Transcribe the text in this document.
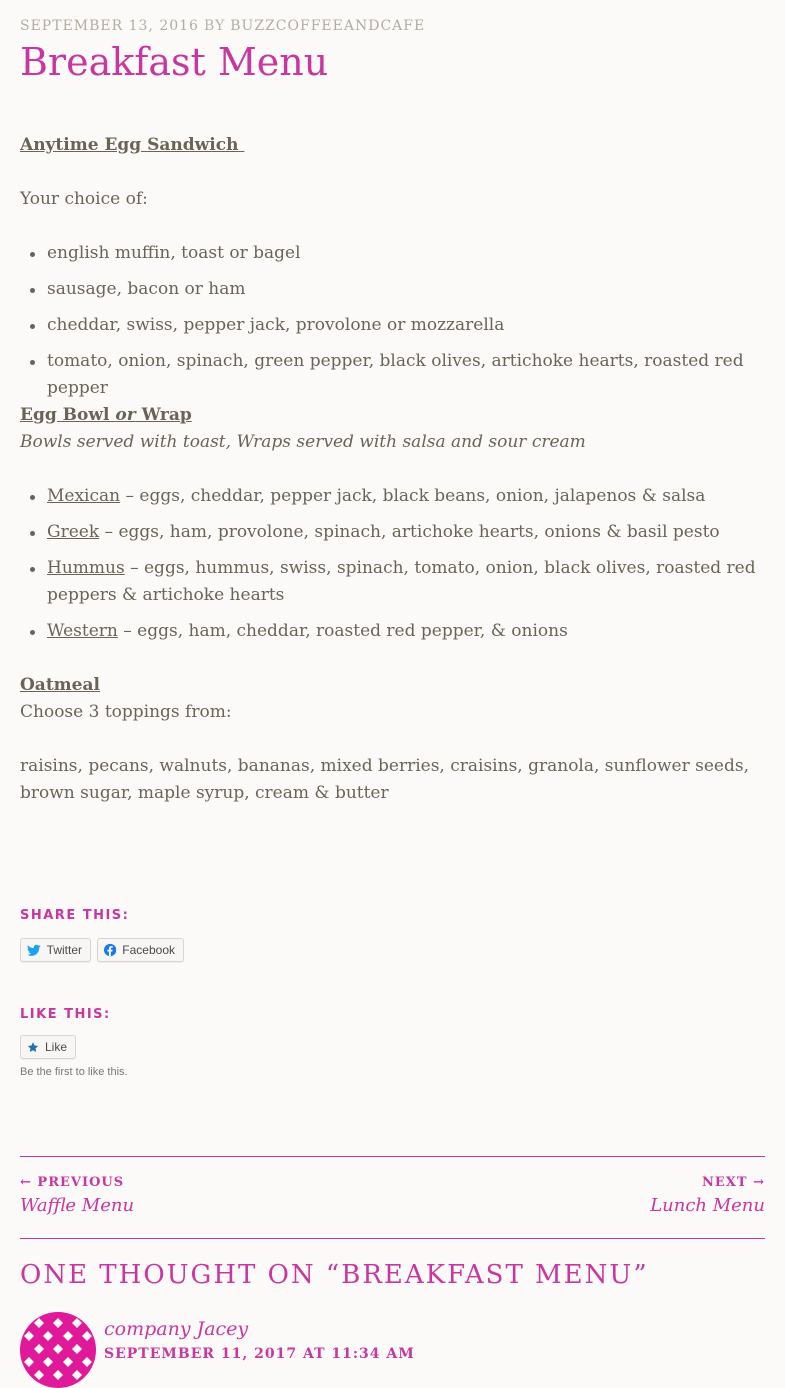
SEPTEMBER 13, 2016 BY BUZZCOFFEEANDCAFE
Breakfast Menu

Anytime Egg Sandwich

Your choice of:

english muffin, toast or bagel
sausage, bacon or ham
cheddar, swiss, pepper jack, provolone or mozzarella
tomato, onion, spinach, green pepper, black olives, artichoke hearts, roasted red pepper

Egg Bowl or Wrap

Bowls served with toast, Wraps served with salsa and sour cream

Mexican – eggs, cheddar, pepper jack, black beans, onion, jalapenos & salsa
Greek – eggs, ham, provolone, spinach, artichoke hearts, onions & basil pesto
Hummus – eggs, hummus, swiss, spinach, tomato, onion, black olives, roasted red peppers & artichoke hearts
Western – eggs, ham, cheddar, roasted red pepper, & onions

Oatmeal

Choose 3 toppings from:

raisins, pecans, walnuts, bananas, mixed berries, craisins, granola, sunflower seeds, brown sugar, maple syrup, cream & butter

SHARE THIS:
Twitter	Facebook
LIKE THIS:
Like
Be the first to like this.
← PREVIOUS
Waffle Menu
NEXT →
Lunch Menu
ONE THOUGHT ON “BREAKFAST MENU”
company Jacey
SEPTEMBER 11, 2017 AT 11:34 AM
